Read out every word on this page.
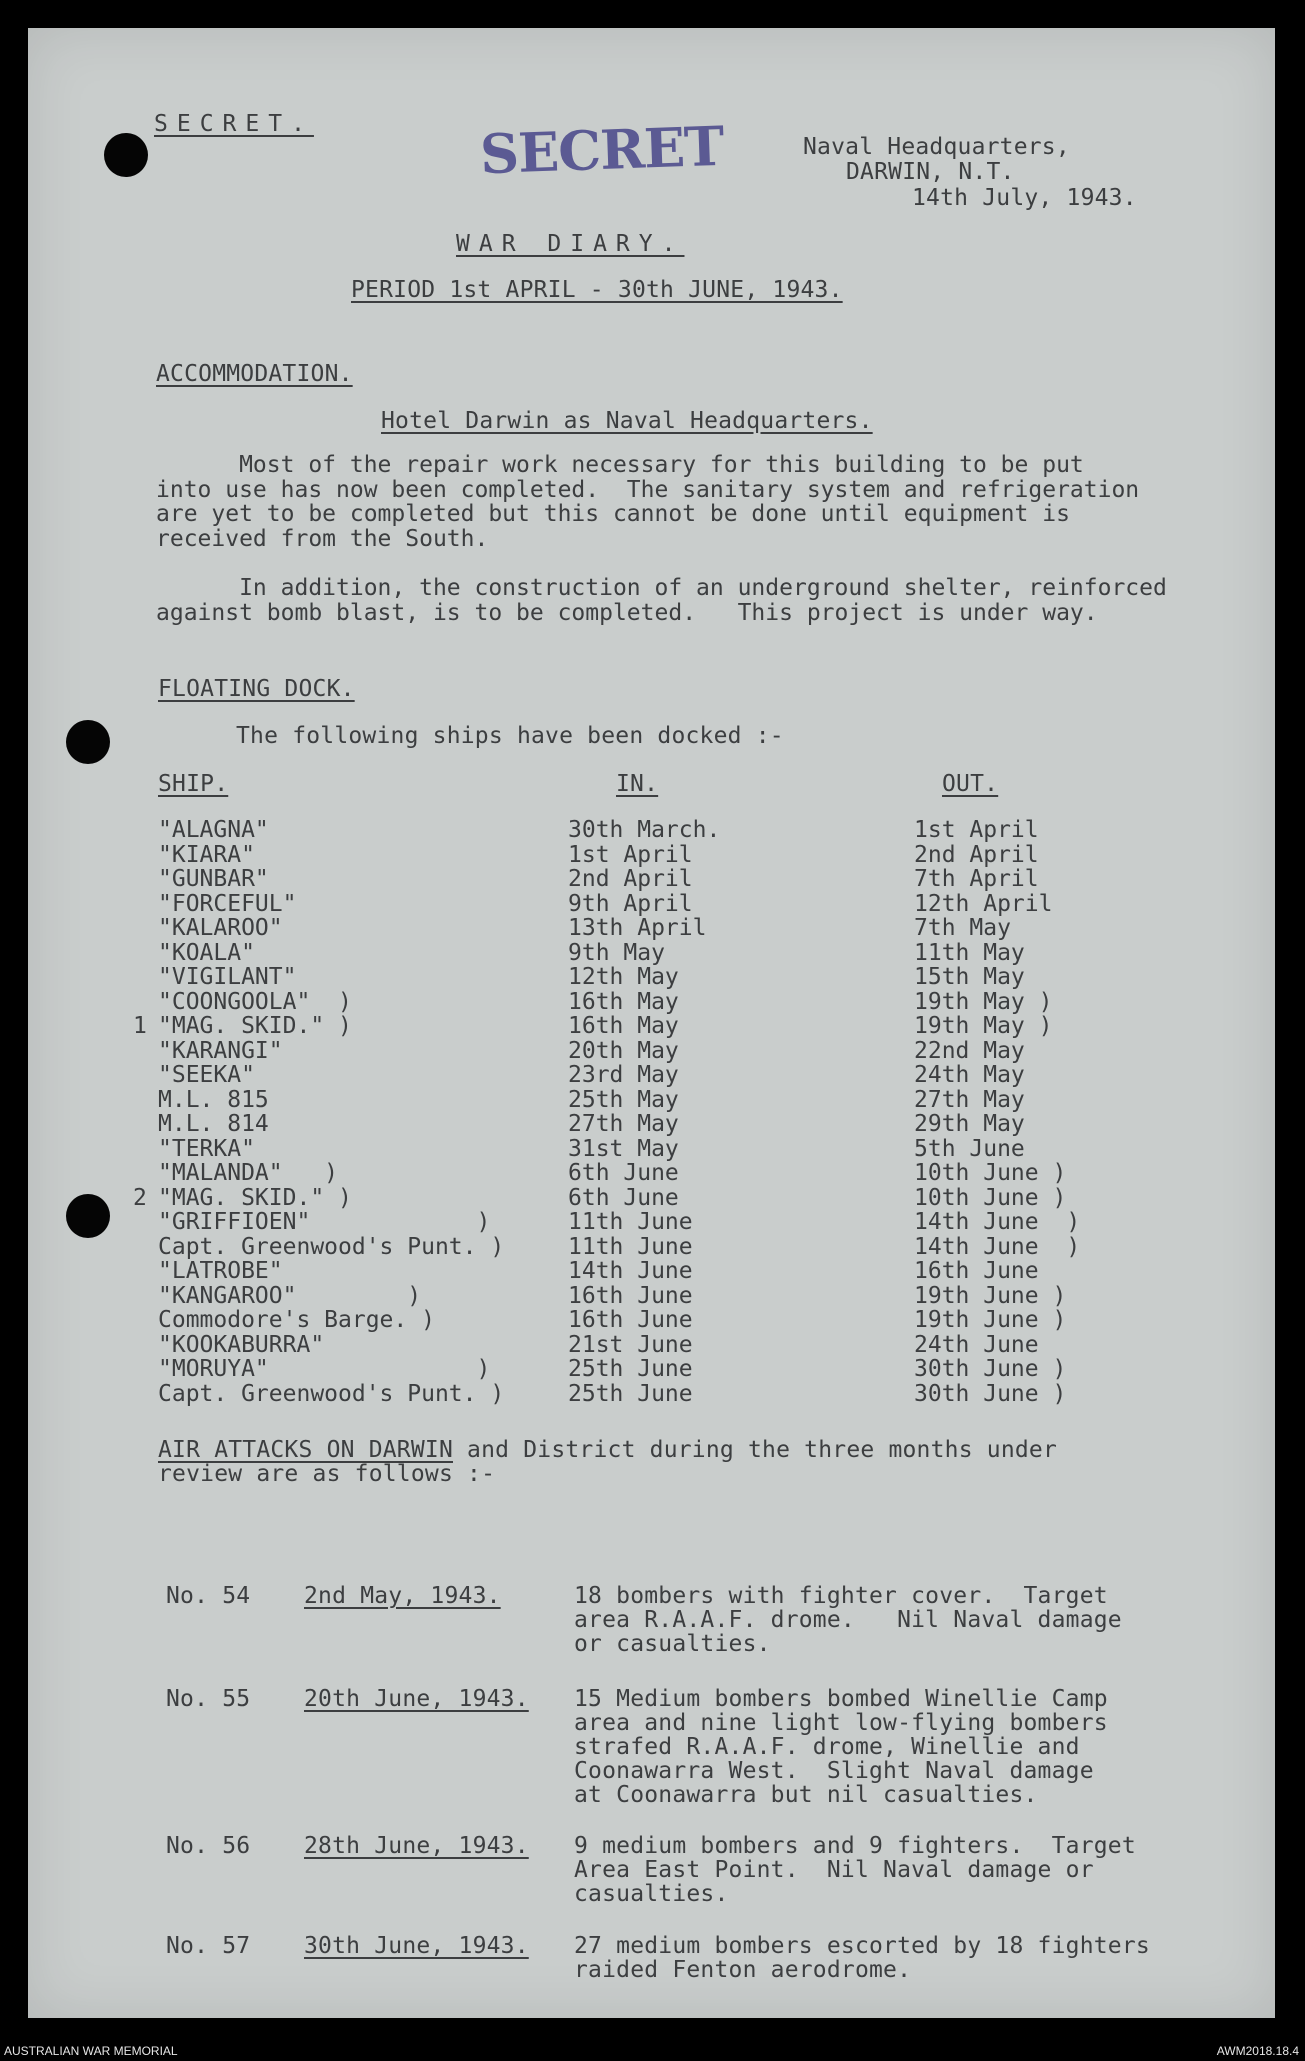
SECRET.	SECRET	Naval Headquarters,
DARWIN, N.T.
14th July, 1943.
WAR DIARY.
PERIOD 1st APRIL - 30th JUNE, 1943.
ACCOMMODATION.
Hotel Darwin as Naval Headquarters.
Most of the repair work necessary for this building to be put
into use has now been completed.  The sanitary system and refrigeration
are yet to be completed but this cannot be done until equipment is
received from the South.
In addition, the construction of an underground shelter, reinforced
against bomb blast, is to be completed.   This project is under way.
FLOATING DOCK.
The following ships have been docked :-
SHIP.	IN.	OUT.
"ALAGNA"	30th March.	1st April
"KIARA"	1st April	2nd April
"GUNBAR"	2nd April	7th April
"FORCEFUL"	9th April	12th April
"KALAROO"	13th April	7th May
"KOALA"	9th May	11th May
"VIGILANT"	12th May	15th May
"COONGOOLA"  )	16th May	19th May )
1 "MAG. SKID." )	16th May	19th May )
"KARANGI"	20th May	22nd May
"SEEKA"	23rd May	24th May
M.L. 815	25th May	27th May
M.L. 814	27th May	29th May
"TERKA"	31st May	5th June
"MALANDA"   )	6th June	10th June )
2 "MAG. SKID." )	6th June	10th June )
"GRIFFIOEN"            )	11th June	14th June  )
Capt. Greenwood's Punt. )	11th June	14th June  )
"LATROBE"	14th June	16th June
"KANGAROO"        )	16th June	19th June )
Commodore's Barge. )	16th June	19th June )
"KOOKABURRA"	21st June	24th June
"MORUYA"               )	25th June	30th June )
Capt. Greenwood's Punt. )	25th June	30th June )
AIR ATTACKS ON DARWIN and District during the three months under
review are as follows :-
No. 54 2nd May, 1943.	18 bombers with fighter cover.  Target
area R.A.A.F. drome.   Nil Naval damage
or casualties.
No. 55 20th June, 1943. 15 Medium bombers bombed Winellie Camp
area and nine light low-flying bombers
strafed R.A.A.F. drome, Winellie and
Coonawarra West.  Slight Naval damage
at Coonawarra but nil casualties.
No. 56 28th June, 1943. 9 medium bombers and 9 fighters.  Target
Area East Point.  Nil Naval damage or
casualties.
No. 57 30th June, 1943. 27 medium bombers escorted by 18 fighters
raided Fenton aerodrome.
AUSTRALIAN WAR MEMORIAL	AWM2018.18.4
